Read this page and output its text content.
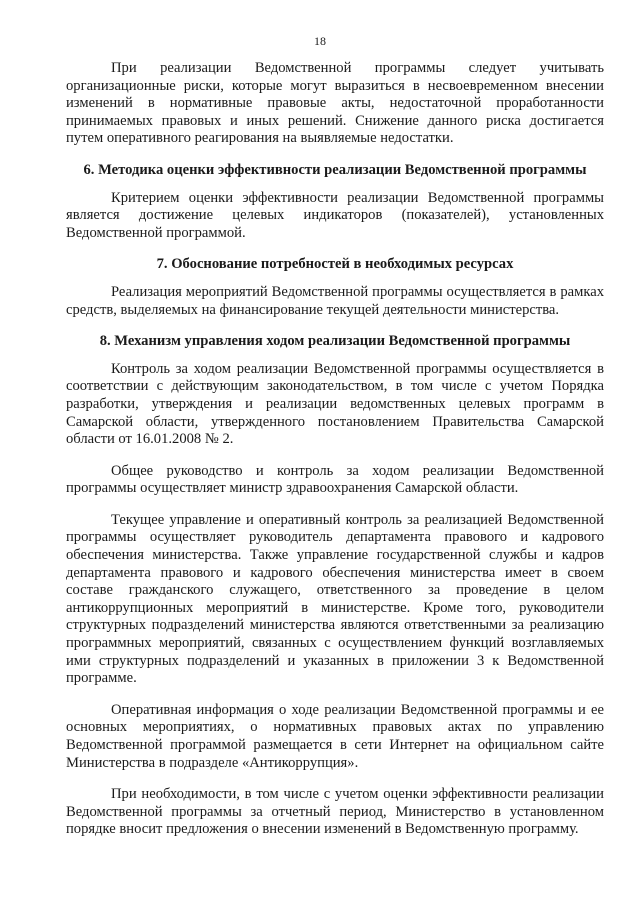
18

При реализации Ведомственной программы следует учитывать организационные риски, которые могут выразиться в несвоевременном внесении изменений в нормативные правовые акты, недостаточной проработанности принимаемых правовых и иных решений. Снижение данного риска достигается путем оперативного реагирования на выявляемые недостатки.

6. Методика оценки эффективности реализации Ведомственной программы

Критерием оценки эффективности реализации Ведомственной программы является достижение целевых индикаторов (показателей), установленных Ведомственной программой.

7. Обоснование потребностей в необходимых ресурсах

Реализация мероприятий Ведомственной программы осуществляется в рамках средств, выделяемых на финансирование текущей деятельности министерства.

8. Механизм управления ходом реализации Ведомственной программы

Контроль за ходом реализации Ведомственной программы осуществляется в соответствии с действующим законодательством, в том числе с учетом Порядка разработки, утверждения и реализации ведомственных целевых программ в Самарской области, утвержденного постановлением Правительства Самарской области от 16.01.2008 № 2.

Общее руководство и контроль за ходом реализации Ведомственной программы осуществляет министр здравоохранения Самарской области.

Текущее управление и оперативный контроль за реализацией Ведомственной программы осуществляет руководитель департамента правового и кадрового обеспечения министерства. Также управление государственной службы и кадров департамента правового и кадрового обеспечения министерства имеет в своем составе гражданского служащего, ответственного за проведение в целом антикоррупционных мероприятий в министерстве. Кроме того, руководители структурных подразделений министерства являются ответственными за реализацию программных мероприятий, связанных с осуществлением функций возглавляемых ими структурных подразделений и указанных в приложении 3 к Ведомственной программе.

Оперативная информация о ходе реализации Ведомственной программы и ее основных мероприятиях, о нормативных правовых актах по управлению Ведомственной программой размещается в сети Интернет на официальном сайте Министерства в подразделе «Антикоррупция».

При необходимости, в том числе с учетом оценки эффективности реализации Ведомственной программы за отчетный период, Министерство в установленном порядке вносит предложения о внесении изменений в Ведомственную программу.
